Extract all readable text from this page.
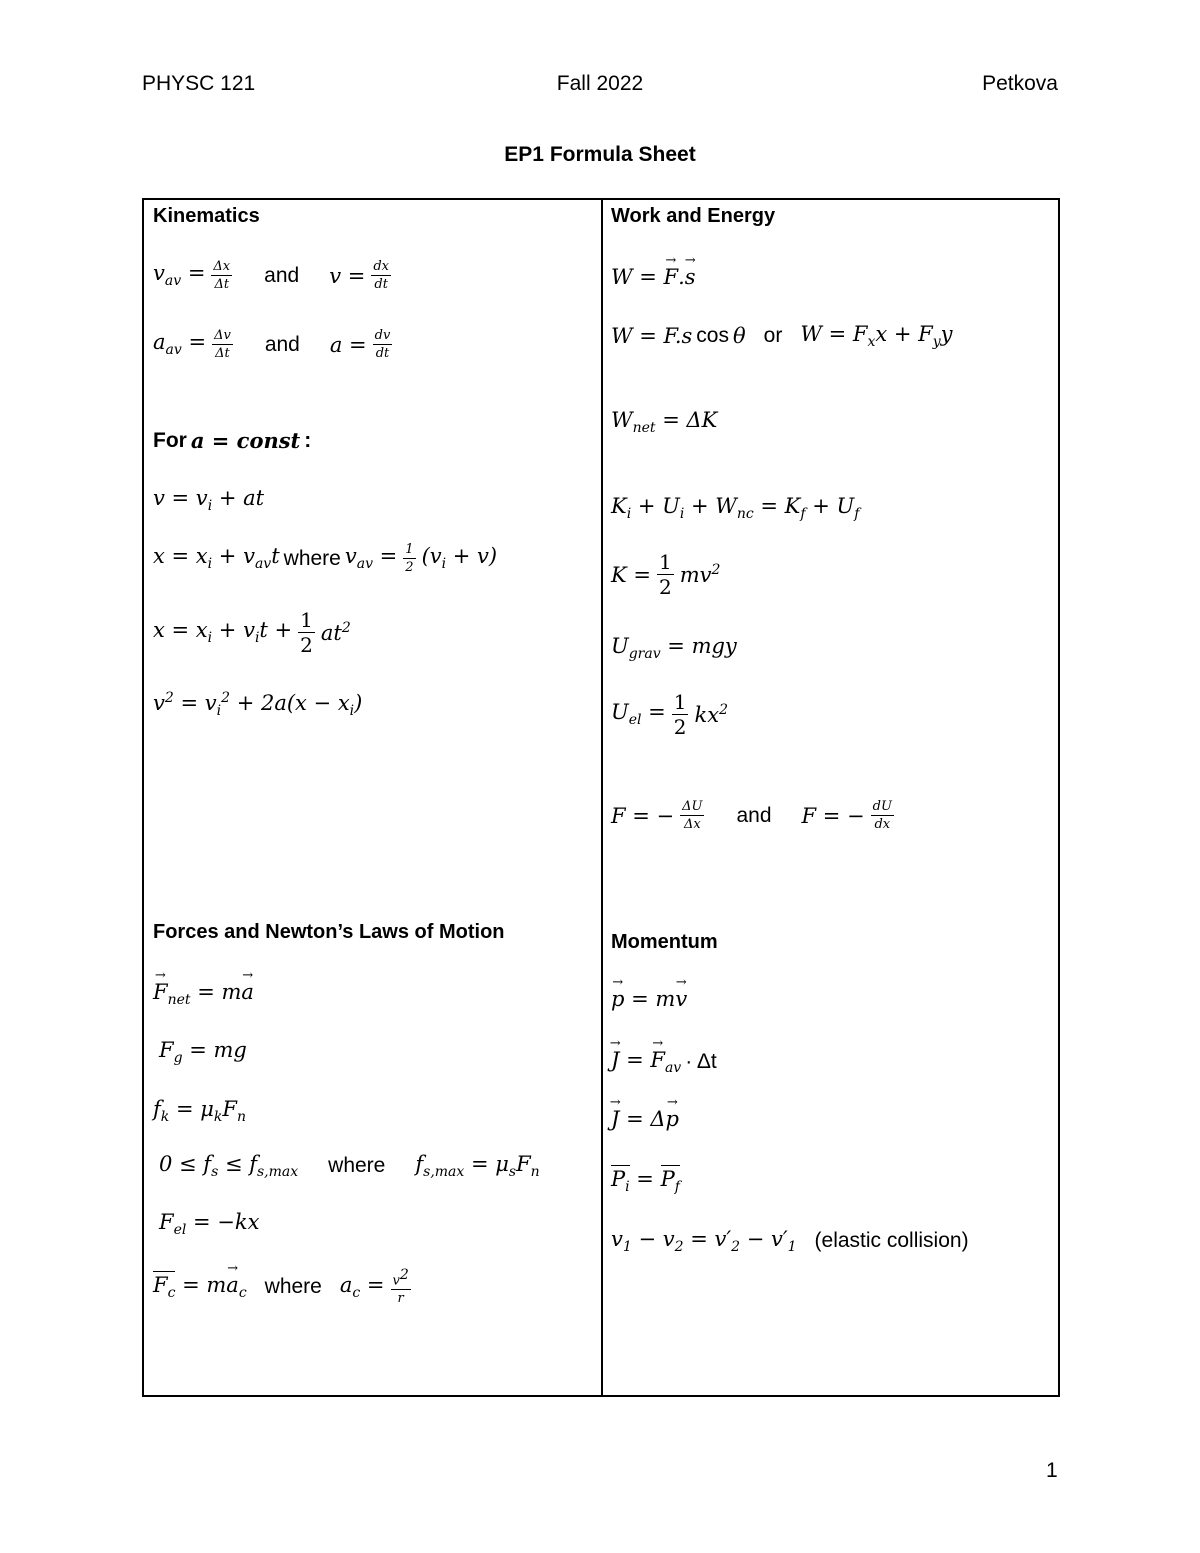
PHYSC 121	Fall 2022	Petkova
EP1 Formula Sheet
Kinematics
$v_{av} = \frac{\Delta x}{\Delta t}$ and $v = \frac{dx}{dt}$
$a_{av} = \frac{\Delta v}{\Delta t}$ and $a = \frac{dv}{dt}$
For a = const :
$v = v_i$ + at
$x = x_i + v_{av}t$ where $v_{av} = \frac{1}{2} (v_i + v)$
$x = x_i + v_it + \frac{1}{2} at^2$
$v^2 = v_i^2 + 2a(x - x_i)$
Forces and Newton’s Laws of Motion
→ $F_{net} = m\to a$
$F_g$ = mg
$f_k = \mu_kF_n$
$0 \le f_s \le f_{s,max}$ where $f_{s,max} = \mu_sF_n$
$F_{el} = -kx$
$F_c = m\to a_c$ where $a_c = \frac{v^2}{r}$
Work and Energy
W = → F.→ s
W = F.s cos θ or $W = F_xx + F_yy$
$W_{net} = \Delta K$
$K_i + U_i + W_{nc} = K_f + U_f$
$K = \frac{1}{2} mv^2$
$U_{grav}$ = mgy
$U_{el} = \frac{1}{2} kx^2$
F = − $\frac{\Delta U}{\Delta x}$ and F = − $\frac{dU}{dx}$
Momentum
→ p = m→ v
→ J = → $F_{av} \cdot \Delta t$
→ J = Δ→ p
$P_i = P_f$
$v_1 - v_2 = v'_2 - v'_1$ (elastic collision)
1
